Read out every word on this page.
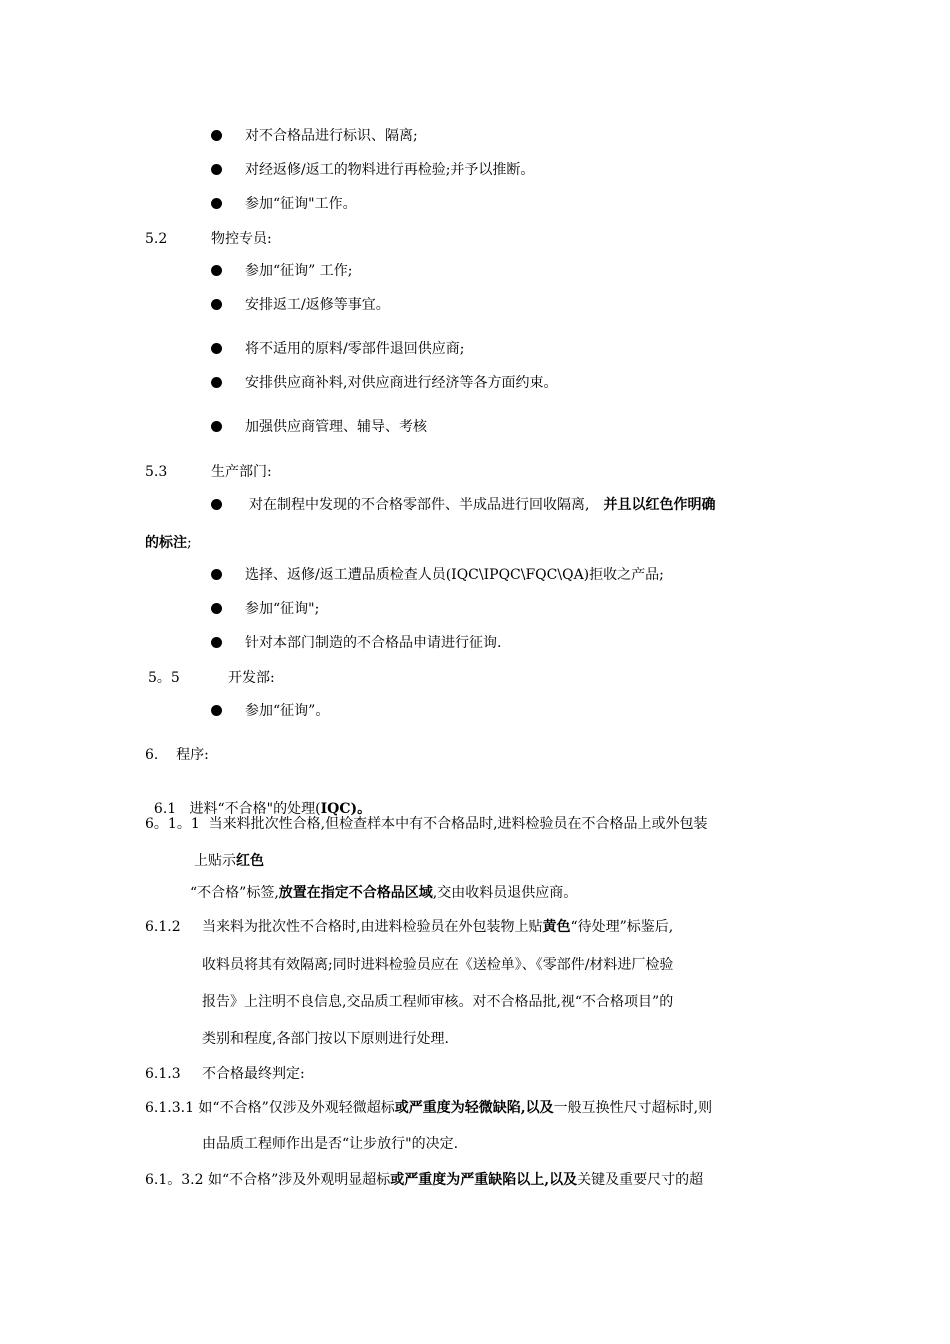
对不合格品进行标识、隔离;
对经返修/返工的物料进行再检验;并予以推断。
参加“征询"工作。
5.2	物控专员:
参加“征询” 工作;
安排返工/返修等事宜。
将不适用的原料/零部件退回供应商;
安排供应商补料,对供应商进行经济等各方面约束。
加强供应商管理、辅导、考核
5.3	生产部门:
对在制程中发现的不合格零部件、半成品进行回收隔离, 并且以红色作明确
的标注;
选择、返修/返工遭品质检查人员(IQC\IPQC\FQC\QA)拒收之产品;
参加“征询";
针对本部门制造的不合格品申请进行征询.
5。5	开发部:
参加“征询”。
6.    程序:

6.1   进料“不合格"的处理(IQC)。

6。1。1  当来料批次性合格,但检查样本中有不合格品时,进料检验员在不合格品上或外包装
上贴示红色
“不合格”标签,放置在指定不合格品区域,交由收料员退供应商。
6.1.2 当来料为批次性不合格时,由进料检验员在外包装物上贴黄色“待处理”标鉴后,
收料员将其有效隔离;同时进料检验员应在《送检单》、《零部件/材料进厂检验
报告》上注明不良信息,交品质工程师审核。对不合格品批,视“不合格项目”的
类别和程度,各部门按以下原则进行处理.
6.1.3 不合格最终判定:
6.1.3.1 如“不合格”仅涉及外观轻微超标或严重度为轻微缺陷,以及一般互换性尺寸超标时,则
由品质工程师作出是否“让步放行"的决定.
6.1。3.2 如“不合格”涉及外观明显超标或严重度为严重缺陷以上,以及关键及重要尺寸的超
